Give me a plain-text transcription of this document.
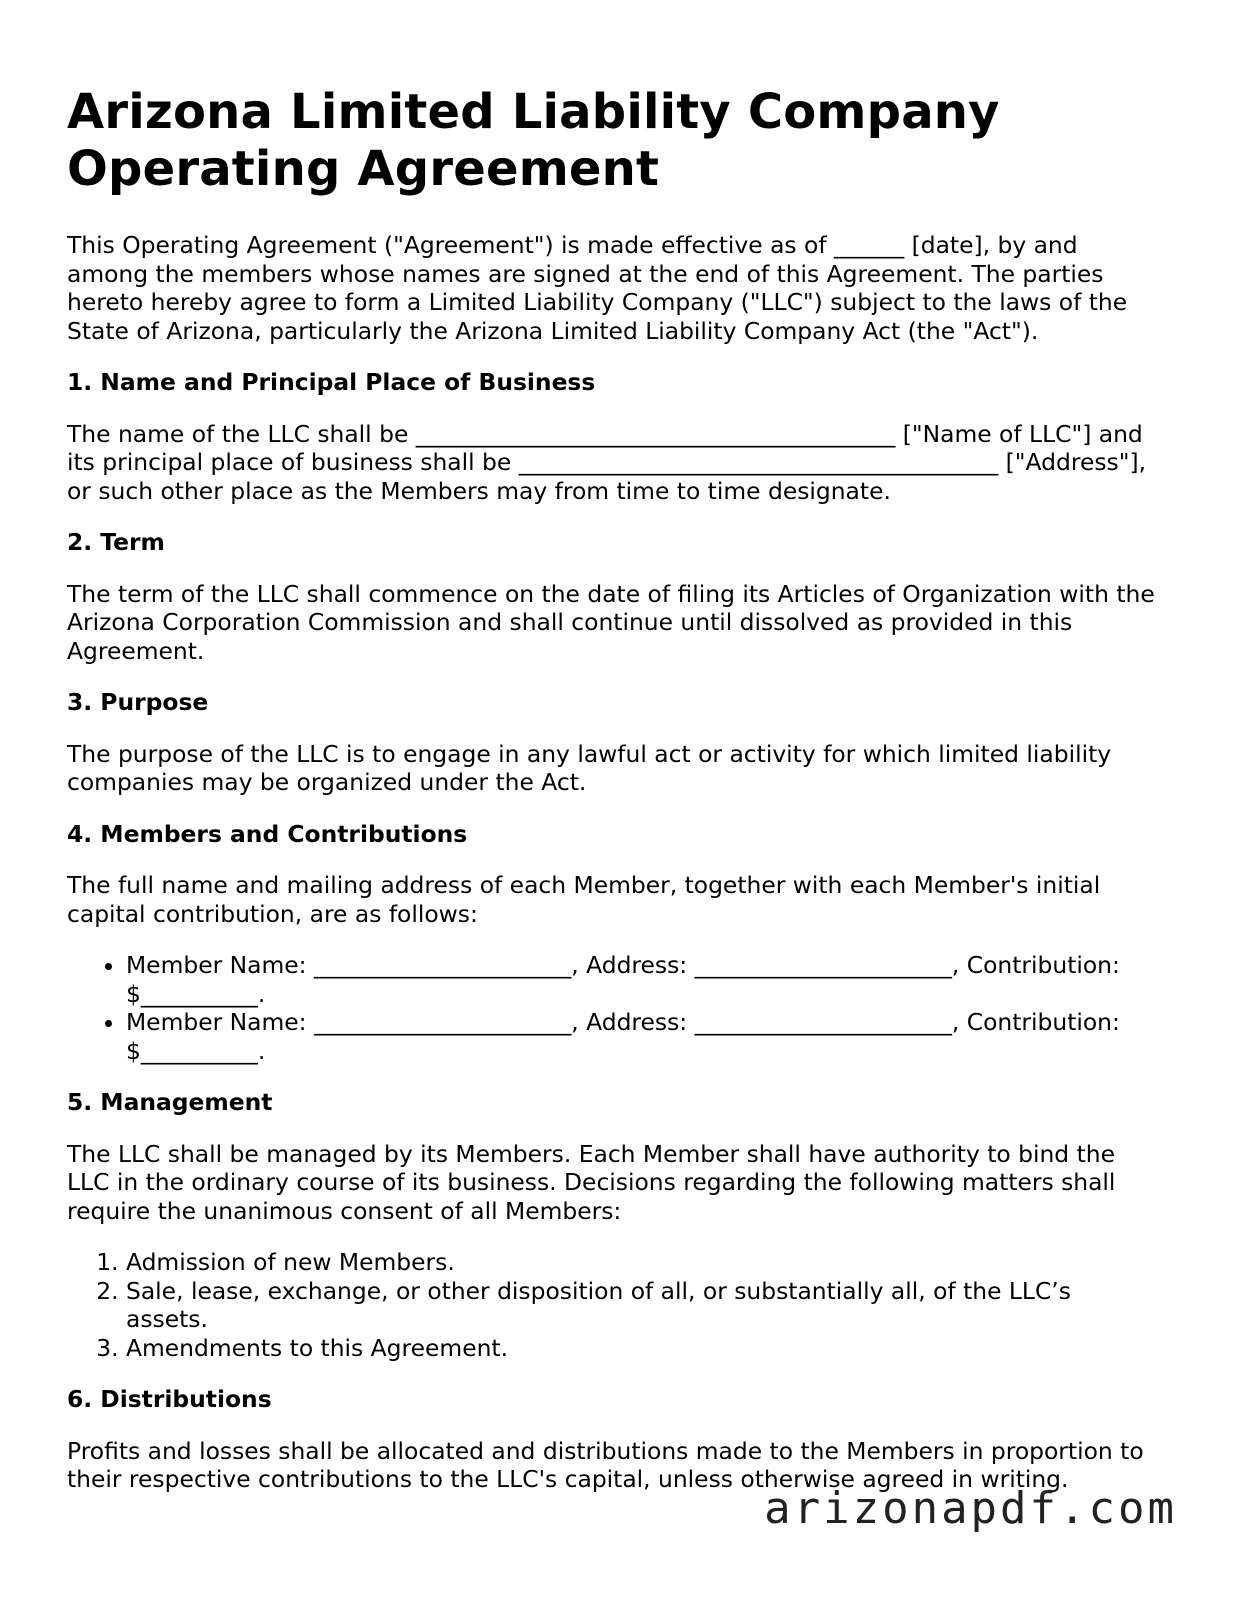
Arizona Limited Liability Company Operating Agreement

This Operating Agreement ("Agreement") is made effective as of ______ [date], by and among the members whose names are signed at the end of this Agreement. The parties hereto hereby agree to form a Limited Liability Company ("LLC") subject to the laws of the State of Arizona, particularly the Arizona Limited Liability Company Act (the "Act").

1. Name and Principal Place of Business

The name of the LLC shall be _________________________________________ ["Name of LLC"] and its principal place of business shall be _________________________________________ ["Address"], or such other place as the Members may from time to time designate.

2. Term

The term of the LLC shall commence on the date of filing its Articles of Organization with the Arizona Corporation Commission and shall continue until dissolved as provided in this Agreement.

3. Purpose

The purpose of the LLC is to engage in any lawful act or activity for which limited liability companies may be organized under the Act.

4. Members and Contributions

The full name and mailing address of each Member, together with each Member's initial capital contribution, are as follows:

• Member Name: ______________________, Address: ______________________, Contribution: $__________.
• Member Name: ______________________, Address: ______________________, Contribution: $__________.
5. Management

The LLC shall be managed by its Members. Each Member shall have authority to bind the LLC in the ordinary course of its business. Decisions regarding the following matters shall require the unanimous consent of all Members:

1. Admission of new Members.
2. Sale, lease, exchange, or other disposition of all, or substantially all, of the LLC’s assets.
3. Amendments to this Agreement.
6. Distributions

Profits and losses shall be allocated and distributions made to the Members in proportion to their respective contributions to the LLC's capital, unless otherwise agreed in writing.

arizonapdf.com
